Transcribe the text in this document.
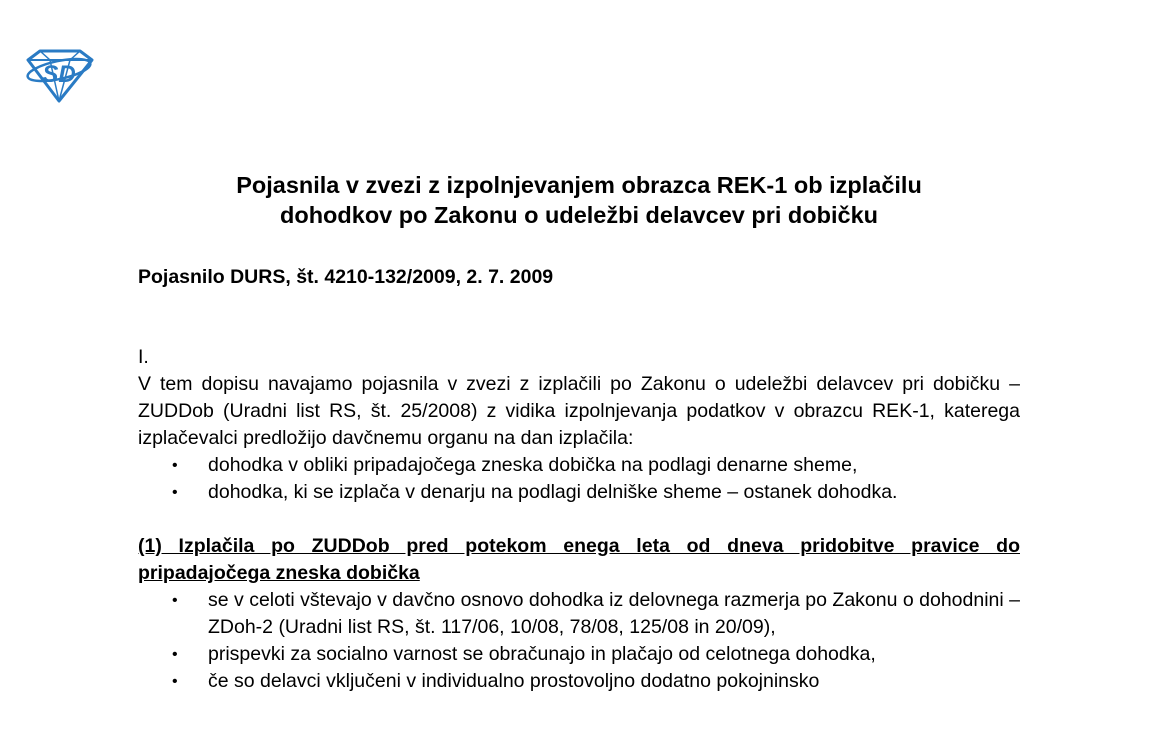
SD
Pojasnila v zvezi z izpolnjevanjem obrazca REK-1 ob izplačilu
dohodkov po Zakonu o udeležbi delavcev pri dobičku

Pojasnilo DURS, št. 4210-132/2009, 2. 7. 2009

I.

V tem dopisu navajamo pojasnila v zvezi z izplačili po Zakonu o udeležbi delavcev pri dobičku – ZUDDob (Uradni list RS, št. 25/2008) z vidika izpolnjevanja podatkov v obrazcu REK-1, katerega izplačevalci predložijo davčnemu organu na dan izplačila:

• dohodka v obliki pripadajočega zneska dobička na podlagi denarne sheme,
• dohodka, ki se izplača v denarju na podlagi delniške sheme – ostanek dohodka.

(1) Izplačila po ZUDDob pred potekom enega leta od dneva pridobitve pravice do pripadajočega zneska dobička

• se v celoti vštevajo v davčno osnovo dohodka iz delovnega razmerja po Zakonu o dohodnini – ZDoh-2 (Uradni list RS, št. 117/06, 10/08, 78/08, 125/08 in 20/09),
• prispevki za socialno varnost se obračunajo in plačajo od celotnega dohodka,
• če so delavci vključeni v individualno prostovoljno dodatno pokojninsko
